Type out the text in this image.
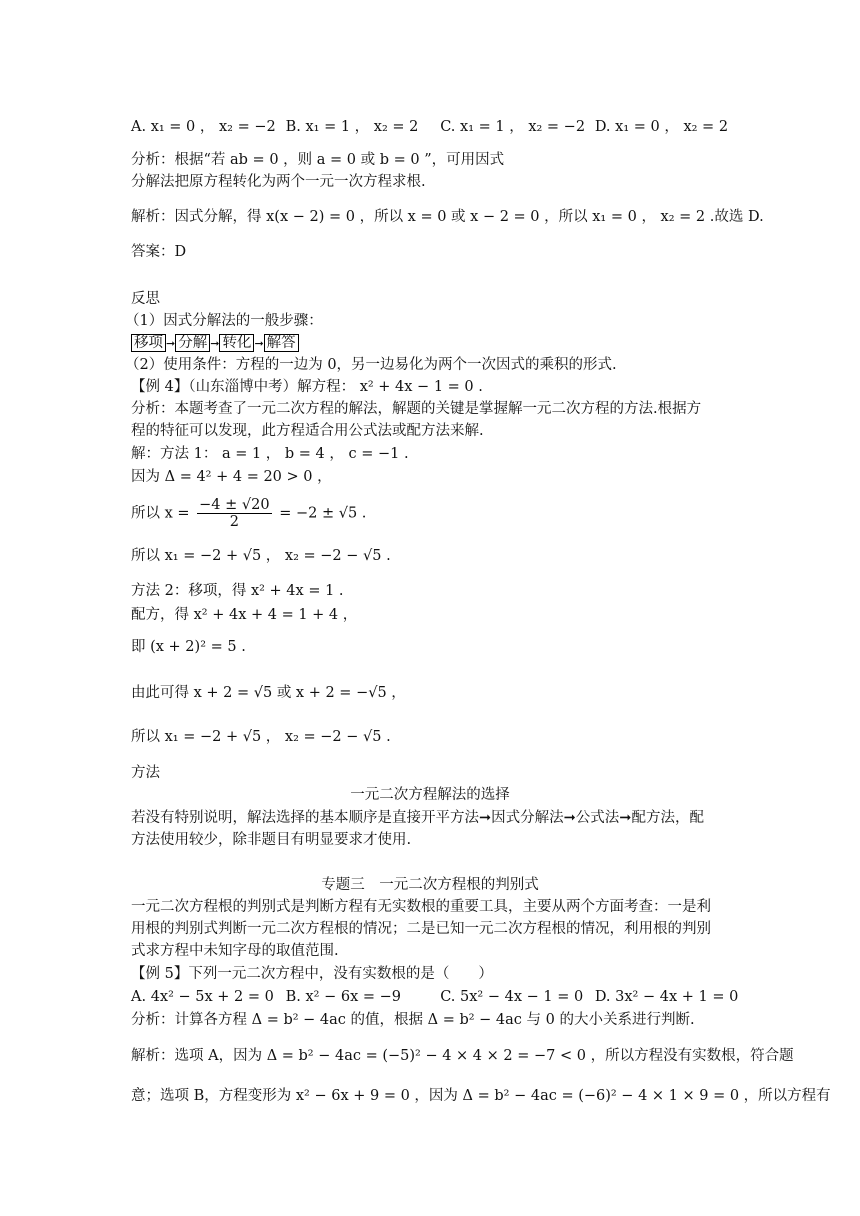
A. x₁ = 0 ， x₂ = −2 B. x₁ = 1 ， x₂ = 2 C. x₁ = 1 ， x₂ = −2 D. x₁ = 0 ， x₂ = 2
分析：根据“若 ab = 0 ，则 a = 0 或 b = 0 ”，可用因式
分解法把原方程转化为两个一元一次方程求根.
解析：因式分解，得 x(x − 2) = 0 ，所以 x = 0 或 x − 2 = 0 ，所以 x₁ = 0 ， x₂ = 2 .故选 D.
答案：D
反思
（1）因式分解法的一般步骤：
移项 ➞ 分解 ➞ 转化 ➞ 解答
（2）使用条件：方程的一边为 0，另一边易化为两个一次因式的乘积的形式.
【例 4】（山东淄博中考）解方程： x² + 4x − 1 = 0 .
分析：本题考查了一元二次方程的解法，解题的关键是掌握解一元二次方程的方法.根据方
程的特征可以发现，此方程适合用公式法或配方法来解.
解：方法 1： a = 1 ， b = 4 ， c = −1 .
因为 Δ = 4² + 4 = 20 > 0 ，
所以 $x = \frac{-4 \pm √20}{2} = -2 \pm √5$ .
所以 x₁ = −2 + √5 ， x₂ = −2 − √5 .
方法 2：移项，得 x² + 4x = 1 .
配方，得 x² + 4x + 4 = 1 + 4 ，
即 (x + 2)² = 5 .
由此可得 x + 2 = √5 或 x + 2 = −√5 ，
所以 x₁ = −2 + √5 ， x₂ = −2 − √5 .
方法
一元二次方程解法的选择
若没有特别说明，解法选择的基本顺序是直接开平方法➞因式分解法➞公式法➞配方法，配
方法使用较少，除非题目有明显要求才使用.
专题三　一元二次方程根的判别式
一元二次方程根的判别式是判断方程有无实数根的重要工具，主要从两个方面考查：一是利
用根的判别式判断一元二次方程根的情况；二是已知一元二次方程根的情况，利用根的判别
式求方程中未知字母的取值范围.
【例 5】下列一元二次方程中，没有实数根的是（　　）
A. 4x² − 5x + 2 = 0 B. x² − 6x = −9	C. 5x² − 4x − 1 = 0 D. 3x² − 4x + 1 = 0
分析：计算各方程 Δ = b² − 4ac 的值，根据 Δ = b² − 4ac 与 0 的大小关系进行判断.
解析：选项 A，因为 Δ = b² − 4ac = (−5)² − 4 × 4 × 2 = −7 < 0 ，所以方程没有实数根，符合题
意；选项 B，方程变形为 x² − 6x + 9 = 0 ，因为 Δ = b² − 4ac = (−6)² − 4 × 1 × 9 = 0 ，所以方程有
